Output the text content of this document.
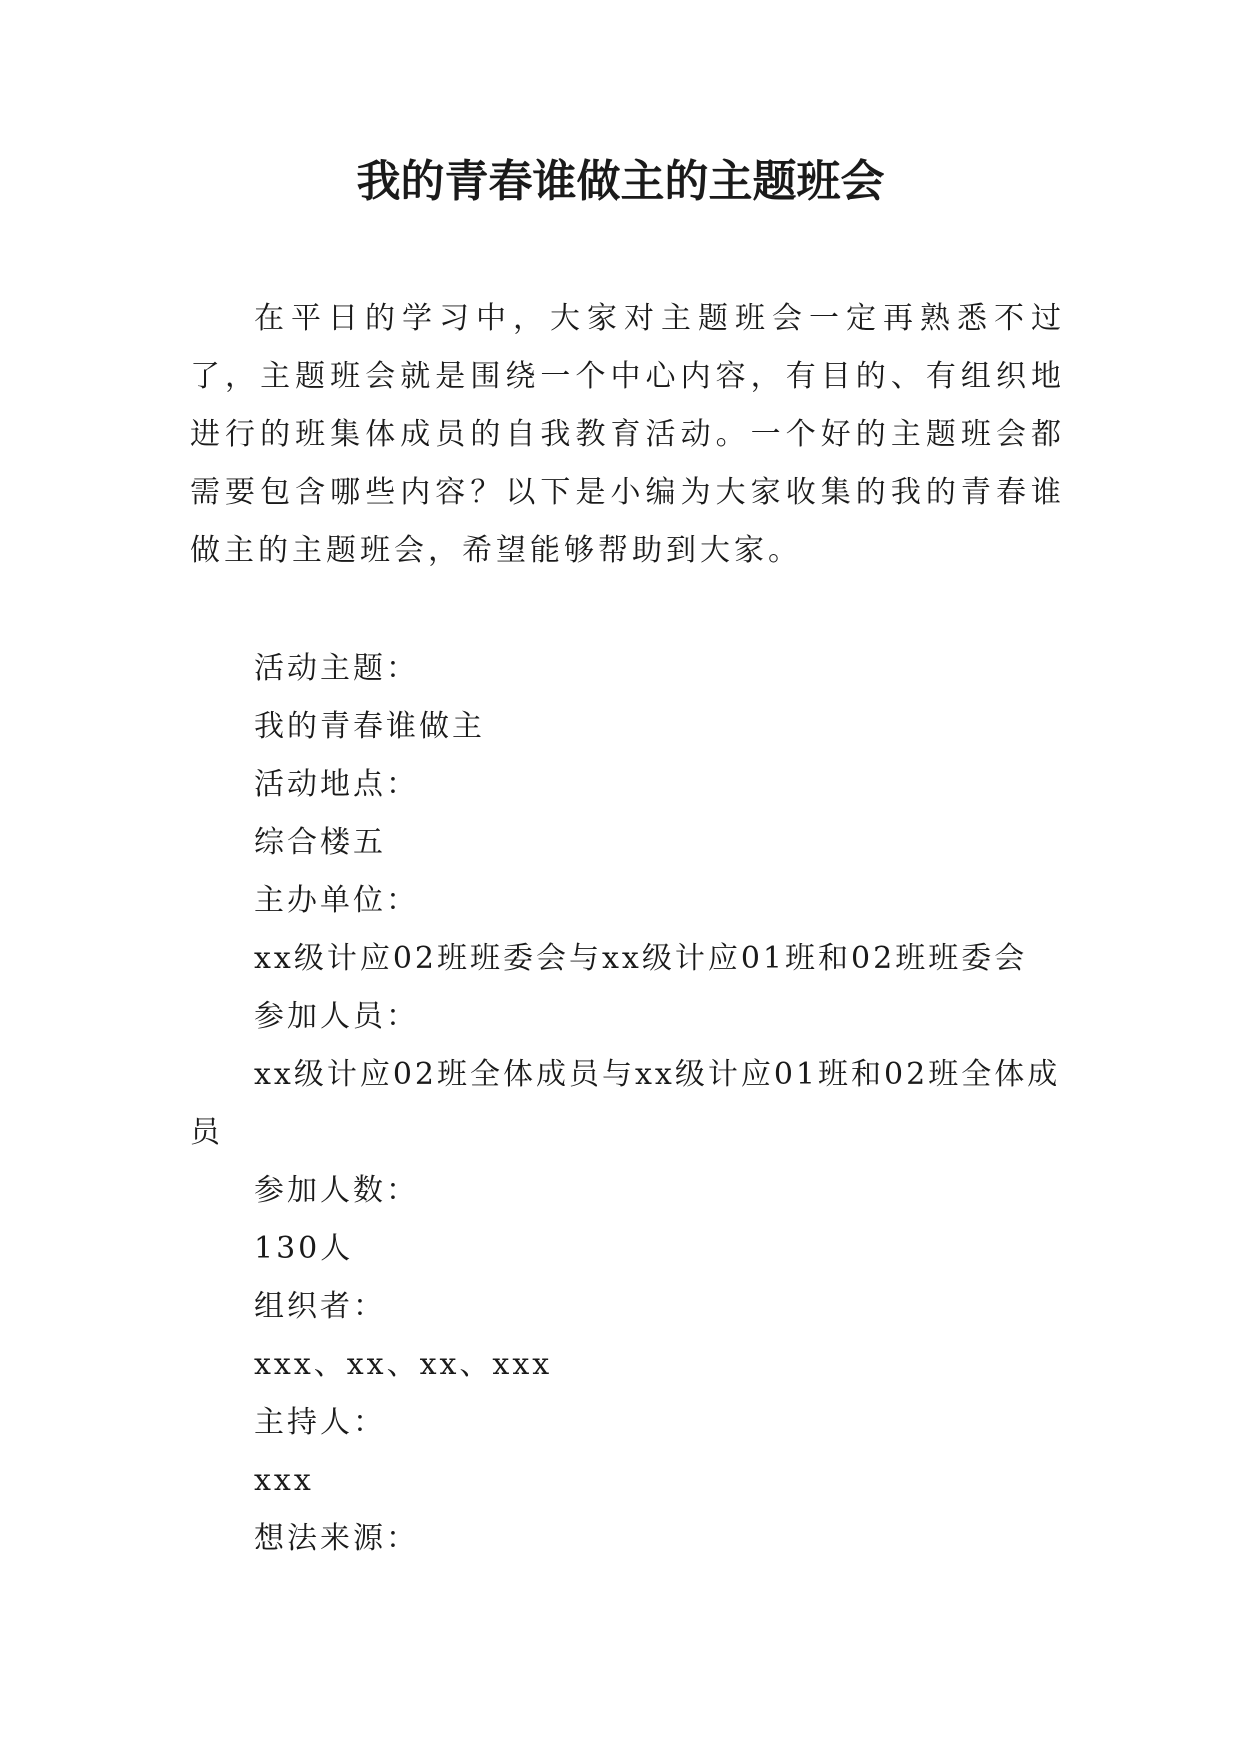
我的青春谁做主的主题班会

在平日的学习中，大家对主题班会一定再熟悉不过了，主题班会就是围绕一个中心内容，有目的、有组织地进行的班集体成员的自我教育活动。一个好的主题班会都需要包含哪些内容？以下是小编为大家收集的我的青春谁做主的主题班会，希望能够帮助到大家。

活动主题：
我的青春谁做主
活动地点：
综合楼五
主办单位：
xx级计应02班班委会与xx级计应01班和02班班委会
参加人员：
xx级计应02班全体成员与xx级计应01班和02班全体成员
参加人数：
130人
组织者：
xxx、xx、xx、xxx
主持人：
xxx
想法来源：
